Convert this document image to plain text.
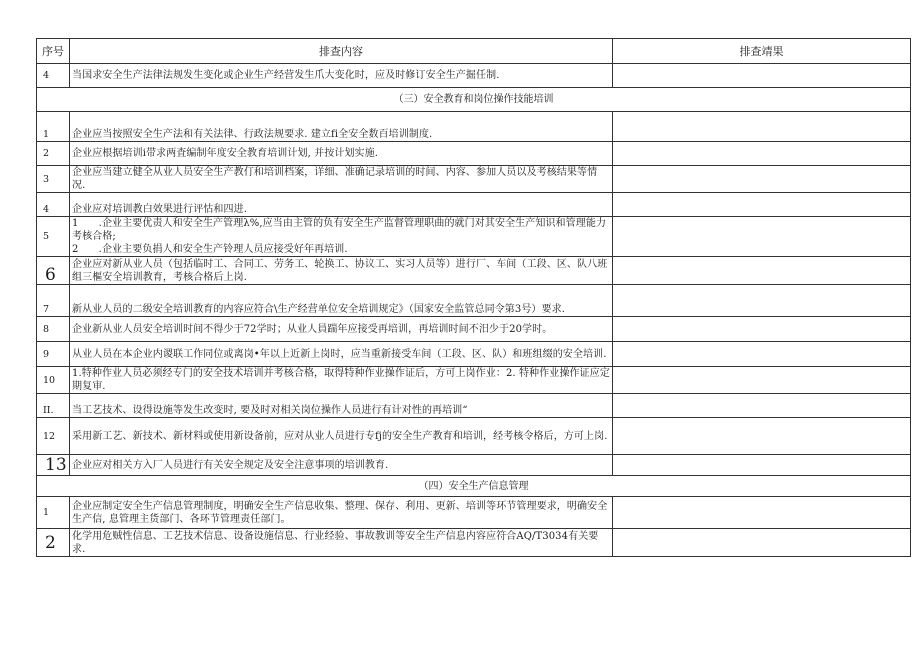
序号	排查内容	排查靖果
4	当国求安全生产法律法规发生变化或企业生产经营发生爪大变化时，应及时修订安全生产掘任制.	

（三）安全教育和岗位操作技能培训		
1	企业应当按照安全生产法和有关法律、行政法规要求. 建立fi全安全数百培训制度.	

2	企业应根据培训i带求两査编制年度安全教育培训计划, 并按计划实施.	

3	企业应当建立健全从业人员安全生产教仃和培训档案，详细、准确记录培训的时间、内容、参加人员以及考核结果等情况.	

4	企业应对培训教白效果进行评怙和四进.	

5	1　　.企业主要优责人和安全生产管理λ%,应当由主管的负有安全生产监督管理职曲的就门对其安全生产知识和管理能力考核合格;
2　　.企业主要负捐人和安全生产铃理人员应接受好年再培训.	

6	企业应对新从业人员（包括临时工、合同工、劳务工、轮换工、协议工、实习人员等）进行厂、车间（工段、区、队八班组三樞安全培训教育，考核合格后上岗.	

7	新从业人员的二级安全培训教育的内容应符合\生产经营单位安全培训规定》（国家安全监管总同令第3号）要求.	

8	企业新从业人员安全培训时间不得少于72学时；从业人員踹年应接受再培训，再培训时间不汨少于20学时。	

9	从业人员在本企业内谡联工作同位或离岗•年以上近新上岗时，应当重新接受车间（工段、区、队）和班组缀的安全培训.	

10	1.特种作业人员必须经专门的安全技术培训并考核合格，取得特种作业操作证后，方可上岗作业：2. 特种作业操作证应定期复审.	

II.	当工艺技术、设得设施等发生改变时, 要及时对相关岗位操作人员进行有计对性的再培训“	

12	采用新工艺、新技术、新材料或使用新设备前，应对从业人员进行专fj的安全生产教育和培训，经考核令格后，方可上岗.	

13	企业应对相关方入厂人员进行有关安全规定及安全注意事项的培训教育.	

（四）安全生产信息管理		
1	企业应制定安全生产信息管理制度，明确安全生产信息收集、整理、保存、利用、更新、培训等环节管理要求，明确安全生产信, 息管理主货部门、各环节管理责任部门。	

2	化学用危贼性信息、工艺技术信息、设备设施信息、行业经验、事故教训等安全生产信息内容应符合AQ/T3034有关要求.	
